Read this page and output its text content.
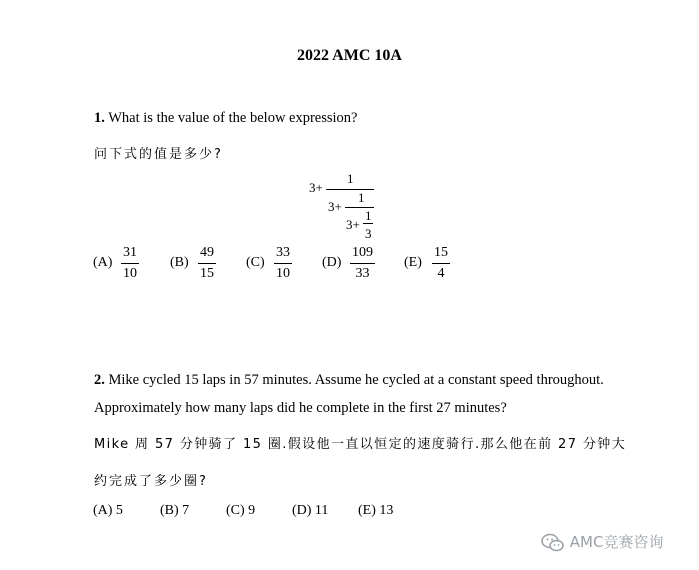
2022 AMC 10A
1. What is the value of the below expression?
问下式的值是多少?
3+
1
3+
1
3+
1
3
(A)
31
10
(B)
49
15
(C)
33
10
(D)
109
33
(E)
15
4
2. Mike cycled 15 laps in 57 minutes. Assume he cycled at a constant speed throughout.
Approximately how many laps did he complete in the first 27 minutes?
Mike 周 57 分钟骑了 15 圈.假设他一直以恒定的速度骑行.那么他在前 27 分钟大
约完成了多少圈?
(A) 5	(B) 7	(C) 9	(D) 11 (E) 13
AMC竞赛咨询
